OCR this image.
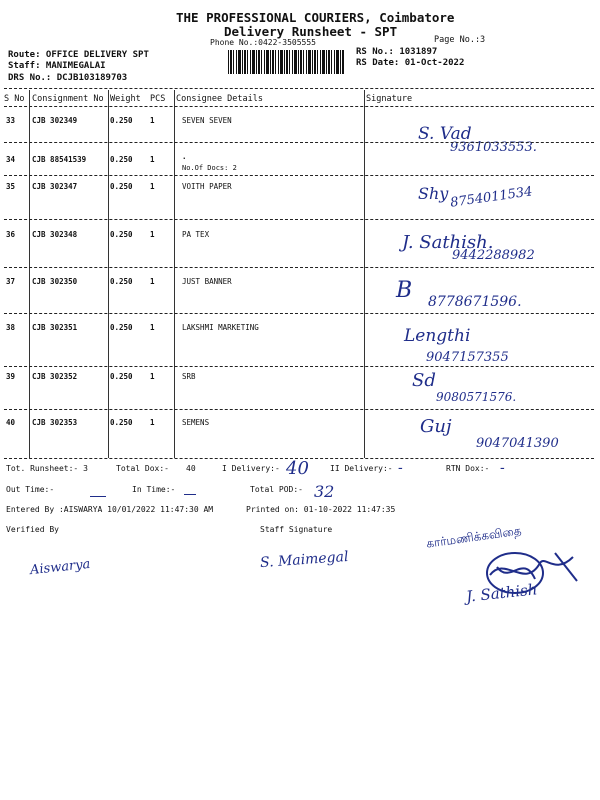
THE PROFESSIONAL COURIERS, Coimbatore
Delivery Runsheet - SPT
Phone No.:0422-3505555	Page No.:3
Route: OFFICE DELIVERY SPT
Staff: MANIMEGALAI
DRS No.: DCJB103189703
RS No.: 1031897
RS Date: 01-Oct-2022
S No Consignment No Weight PCS Consignee Details	Signature
33 CJB 302349	0.250 1	SEVEN SEVEN
S. Vad
9361033553.
34 CJB 88541539	0.250 1	.
No.Of Docs: 2
35 CJB 302347	0.250 1	VOITH PAPER	Shy 8754011534
36 CJB 302348	0.250 1	PA TEX	J. Sathish.
9442288982
37 CJB 302350	0.250 1	JUST BANNER	B 8778671596.
38 CJB 302351	0.250 1	LAKSHMI MARKETING	Lengthi
9047157355
39 CJB 302352	0.250 1	SRB	Sd
9080571576.
40 CJB 302353	0.250 1	SEMENS	Guj
9047041390
Tot. Runsheet:- 3	Total Dox:- 40	I Delivery:- 40	II Delivery:- -	RTN Dox:- -
Out Time:-	In Time:-	Total POD:- 32
Entered By :AISWARYA 10/01/2022 11:47:30 AM	Printed on: 01-10-2022 11:47:35
Verified By	Staff Signature
Aiswarya	S. Maimegal
கார்மணிக்கவிதை
J. Sathish
